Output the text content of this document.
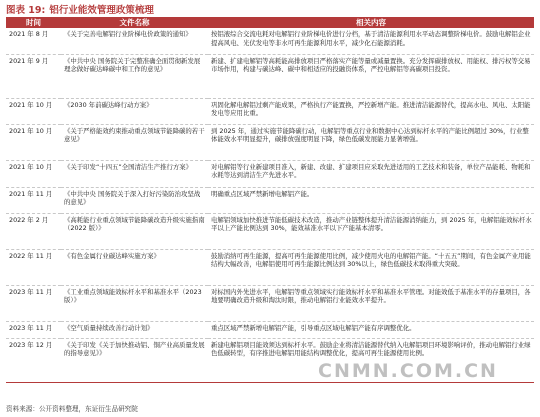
图表 19: 铝行业能效管理政策梳理
时间	文件名称	相关内容
2021 年 8 月	《关于完善电解铝行业阶梯电价政策的通知》	按铝液综合交流电耗对电解铝行业阶梯电价进行分档，基于清洁能源利用水平动态调整阶梯电价。鼓励电解铝企业提高风电、光伏发电等非水可再生能源利用水平，减少化石能源消耗。
2021 年 9 月	《中共中央 国务院关于完整准确全面贯彻新发展理念做好碳达峰碳中和工作的意见》	新建、扩建电解铝等高耗能高排放项目严格落实产能等量或减量置换。充分发挥碳排放权、用能权、排污权等交易市场作用，构建与碳达峰、碳中和相适应的投融资体系，严控电解铝等高碳项目投资。
2021 年 10 月	《2030 年前碳达峰行动方案》	巩固化解电解铝过剩产能成果，严格执行产能置换，严控新增产能。推进清洁能源替代，提高水电、风电、太阳能发电等应用比重。
2021 年 10 月	《关于严格能效约束推动重点领域节能降碳的若干意见》	到 2025 年，通过实施节能降碳行动，电解铝等重点行业和数据中心达到标杆水平的产能比例超过 30%，行业整体能效水平明显提升，碳排放强度明显下降，绿色低碳发展能力显著增强。
2021 年 10 月	《关于印发“十四五”全国清洁生产推行方案》	对电解铝等行业新建项目准入，新建、改建、扩建项目应采取先进适用的工艺技术和装备，单位产品能耗、物耗和水耗等达到清洁生产先进水平。
2021 年 11 月	《中共中央 国务院关于深入打好污染防治攻坚战的意见》	明确重点区域严禁新增电解铝产能。
2022 年 2 月	《高耗能行业重点领域节能降碳改造升级实施指南（2022 版）》	电解铝领域加快推进节能低碳技术改造，推动产业链整体提升清洁能源消纳能力，到 2025 年，电解铝能效标杆水平以上产能比例达到 30%，能效基准水平以下产能基本清零。
2022 年 11 月	《有色金属行业碳达峰实施方案》	鼓励消纳可再生能源，提高可再生能源使用比例，减少使用火电的电解铝产能。“十五五”期间，有色金属产业用能结构大幅改善，电解铝使用可再生能源比例达到 30%以上，绿色低碳技术取得重大突破。
2023 年 11 月	《工业重点领域能效标杆水平和基准水平（2023 版）》	对标国内外先进水平，电解铝等重点领域实行能效标杆水平和基准水平管理。对能效低于基准水平的存量项目，各地要明确改造升级和淘汰时限，推动电解铝行业能效水平提升。
2023 年 11 月	《空气质量持续改善行动计划》	重点区域严禁新增电解铝产能，引导重点区域电解铝产能有序调整优化。
2023 年 12 月	《关于印发《关于加快推动铝、铜产业高质量发展的指导意见》》	新建电解铝项目能效须达到标杆水平。鼓励企业将清洁能源替代纳入电解铝项目环境影响评价，推动电解铝行业绿色低碳转型，有序推进电解铝用能结构调整优化，提高可再生能源使用比例。
CNMN.COM.CN
资料来源：公开资料整理，东证衍生品研究院
